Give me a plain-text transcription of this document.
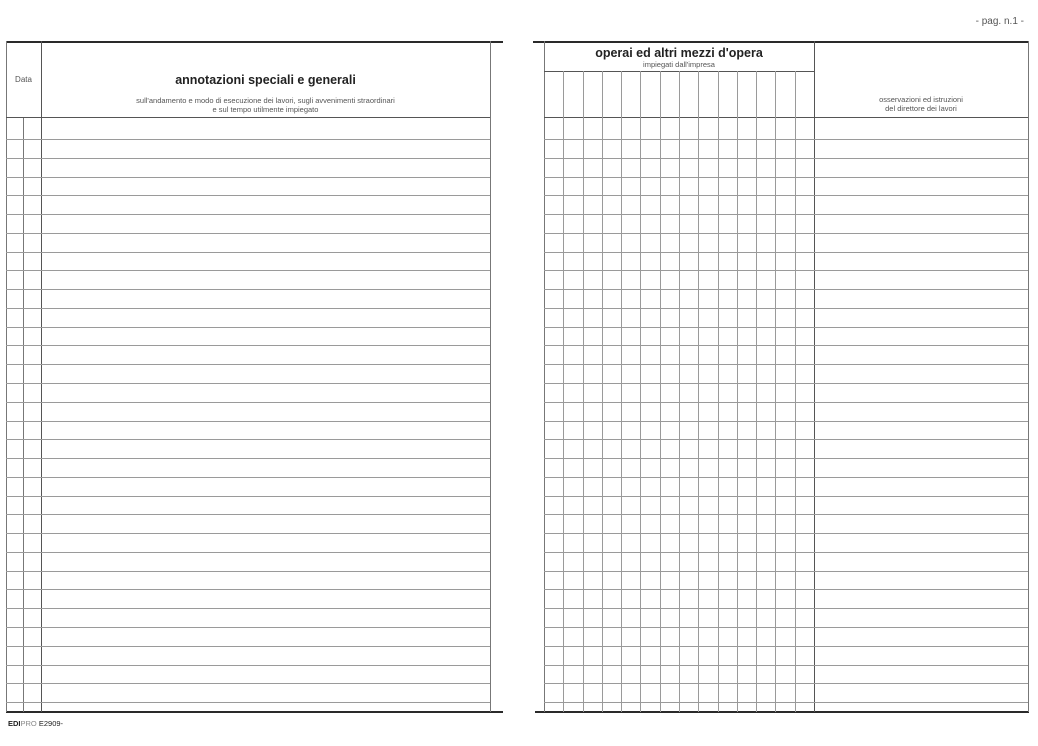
- pag. n.1 -
Data	annotazioni speciali e generali
sull'andamento e modo di esecuzione dei lavori, sugli avvenimenti straordinari
e sul tempo utilmente impiegato
operai ed altri mezzi d'opera
impiegati dall'impresa
osservazioni ed istruzioni
del direttore dei lavori
EDIPRO E2909-
